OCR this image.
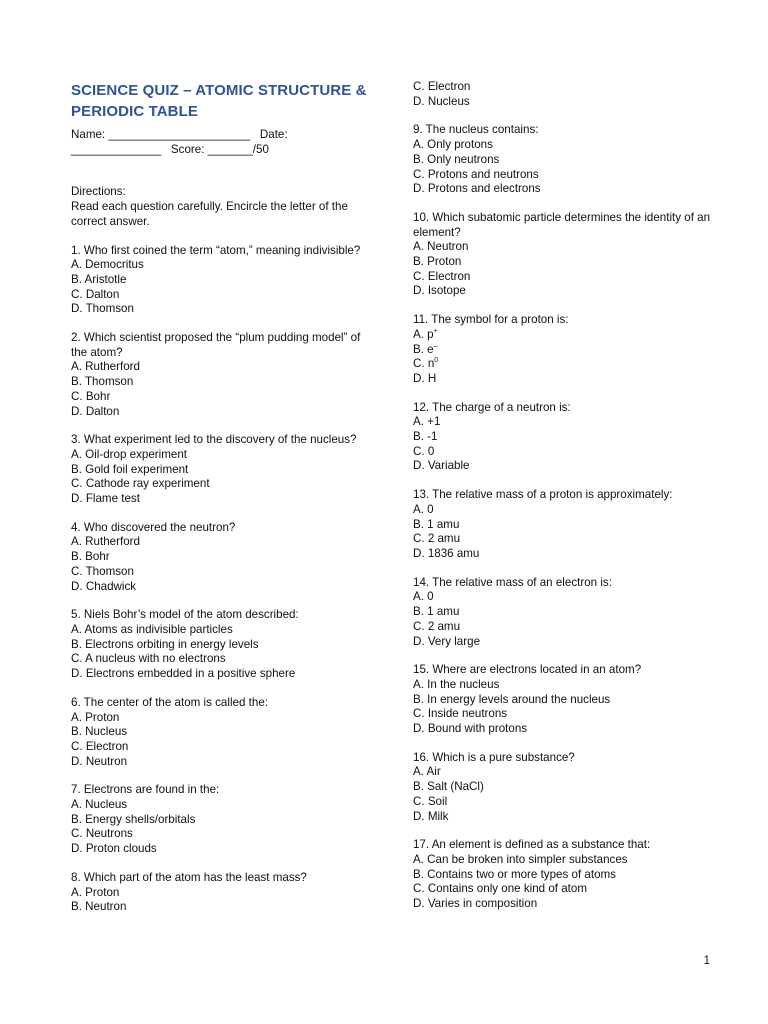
SCIENCE QUIZ – ATOMIC STRUCTURE & PERIODIC TABLE
Name: ______________________   Date:
______________   Score: _______/50
Directions:
Read each question carefully. Encircle the letter of the correct answer.
1. Who first coined the term “atom,” meaning indivisible?
A. Democritus
B. Aristotle
C. Dalton
D. Thomson
2. Which scientist proposed the “plum pudding model” of the atom?
A. Rutherford
B. Thomson
C. Bohr
D. Dalton
3. What experiment led to the discovery of the nucleus?
A. Oil-drop experiment
B. Gold foil experiment
C. Cathode ray experiment
D. Flame test
4. Who discovered the neutron?
A. Rutherford
B. Bohr
C. Thomson
D. Chadwick
5. Niels Bohr’s model of the atom described:
A. Atoms as indivisible particles
B. Electrons orbiting in energy levels
C. A nucleus with no electrons
D. Electrons embedded in a positive sphere
6. The center of the atom is called the:
A. Proton
B. Nucleus
C. Electron
D. Neutron
7. Electrons are found in the:
A. Nucleus
B. Energy shells/orbitals
C. Neutrons
D. Proton clouds
8. Which part of the atom has the least mass?
A. Proton
B. Neutron
C. Electron
D. Nucleus
9. The nucleus contains:
A. Only protons
B. Only neutrons
C. Protons and neutrons
D. Protons and electrons
10. Which subatomic particle determines the identity of an element?
A. Neutron
B. Proton
C. Electron
D. Isotope
11. The symbol for a proton is:
A. p+
B. e–
C. $n^0$
D. H
12. The charge of a neutron is:
A. +1
B. -1
C. 0
D. Variable
13. The relative mass of a proton is approximately:
A. 0
B. 1 amu
C. 2 amu
D. 1836 amu
14. The relative mass of an electron is:
A. 0
B. 1 amu
C. 2 amu
D. Very large
15. Where are electrons located in an atom?
A. In the nucleus
B. In energy levels around the nucleus
C. Inside neutrons
D. Bound with protons
16. Which is a pure substance?
A. Air
B. Salt (NaCl)
C. Soil
D. Milk
17. An element is defined as a substance that:
A. Can be broken into simpler substances
B. Contains two or more types of atoms
C. Contains only one kind of atom
D. Varies in composition
1
